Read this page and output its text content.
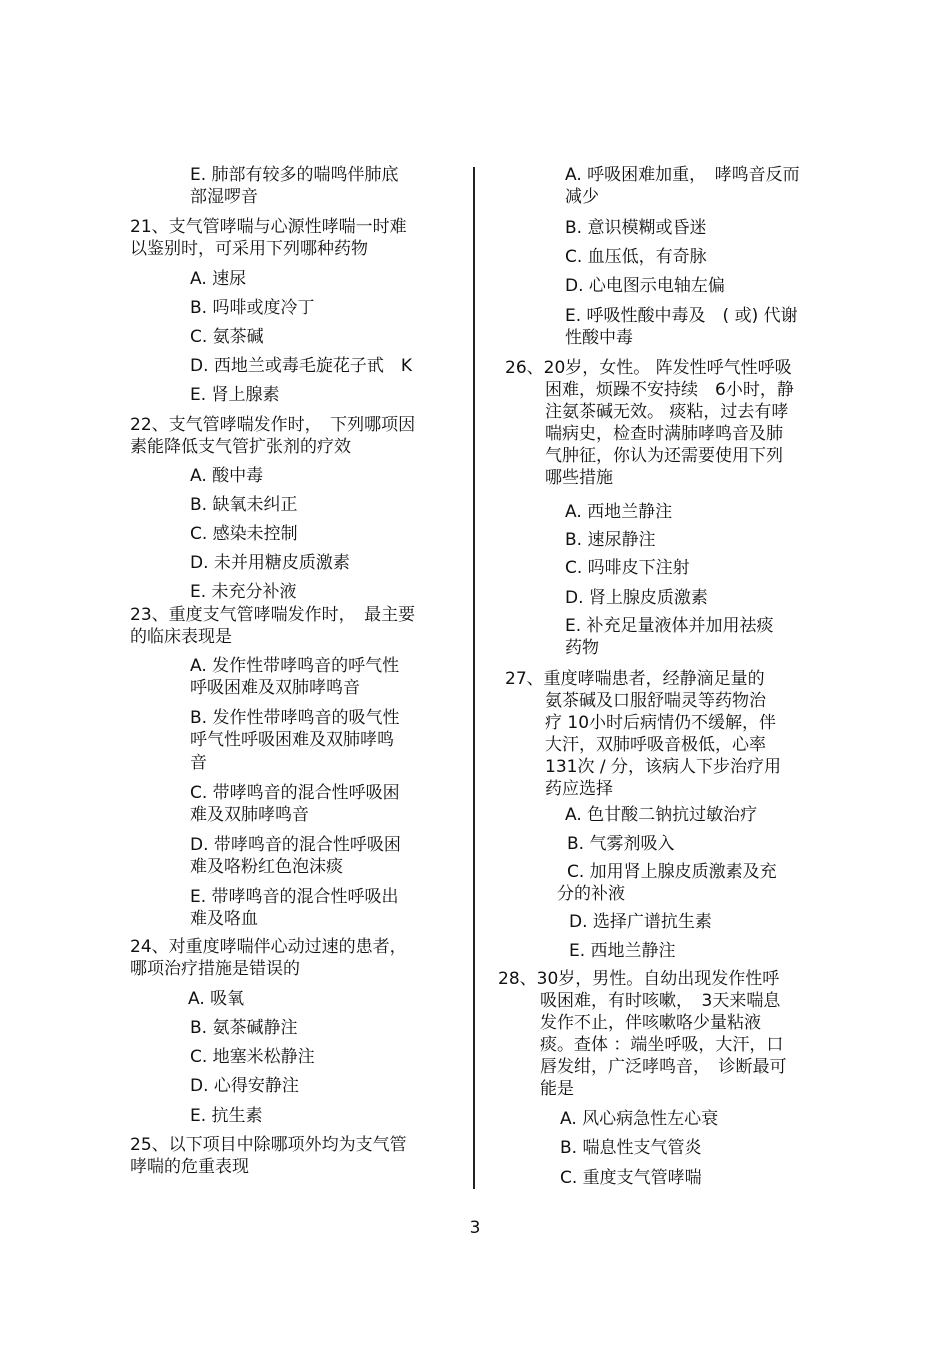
E. 肺部有较多的喘鸣伴肺底
部湿啰音
21、支气管哮喘与心源性哮喘一时难
以鉴别时，可采用下列哪种药物
A. 速尿
B. 吗啡或度冷丁
C. 氨茶碱
D. 西地兰或毒毛旋花子甙　K
E. 肾上腺素
22、支气管哮喘发作时，　下列哪项因
素能降低支气管扩张剂的疗效
A. 酸中毒
B. 缺氧未纠正
C. 感染未控制
D. 未并用糖皮质激素
E. 未充分补液
23、重度支气管哮喘发作时，　最主要
的临床表现是
A. 发作性带哮鸣音的呼气性
呼吸困难及双肺哮鸣音
B. 发作性带哮鸣音的吸气性
呼气性呼吸困难及双肺哮鸣
音
C. 带哮鸣音的混合性呼吸困
难及双肺哮鸣音
D. 带哮鸣音的混合性呼吸困
难及咯粉红色泡沫痰
E. 带哮鸣音的混合性呼吸出
难及咯血
24、对重度哮喘伴心动过速的患者，
哪项治疗措施是错误的
A. 吸氧
B. 氨茶碱静注
C. 地塞米松静注
D. 心得安静注
E. 抗生素
25、以下项目中除哪项外均为支气管
哮喘的危重表现
A. 呼吸困难加重，　哮鸣音反而
减少
B. 意识模糊或昏迷
C. 血压低，有奇脉
D. 心电图示电轴左偏
E. 呼吸性酸中毒及　( 或) 代谢
性酸中毒
26、20岁，女性。 阵发性呼气性呼吸
困难，烦躁不安持续　6小时，静
注氨茶碱无效。 痰粘，过去有哮
喘病史，检查时满肺哮鸣音及肺
气肿征，你认为还需要使用下列
哪些措施
A. 西地兰静注
B. 速尿静注
C. 吗啡皮下注射
D. 肾上腺皮质激素
E. 补充足量液体并加用祛痰
药物
27、重度哮喘患者，经静滴足量的
氨茶碱及口服舒喘灵等药物治
疗 10小时后病情仍不缓解，伴
大汗，双肺呼吸音极低，心率
131次 / 分，该病人下步治疗用
药应选择
A. 色甘酸二钠抗过敏治疗
B. 气雾剂吸入
C. 加用肾上腺皮质激素及充
分的补液
D. 选择广谱抗生素
E. 西地兰静注
28、30岁，男性。自幼出现发作性呼
吸困难，有时咳嗽，　3天来喘息
发作不止，伴咳嗽咯少量粘液
痰。查体 ：端坐呼吸，大汗，口
唇发绀，广泛哮鸣音，　诊断最可
能是
A. 风心病急性左心衰
B. 喘息性支气管炎
C. 重度支气管哮喘
3
